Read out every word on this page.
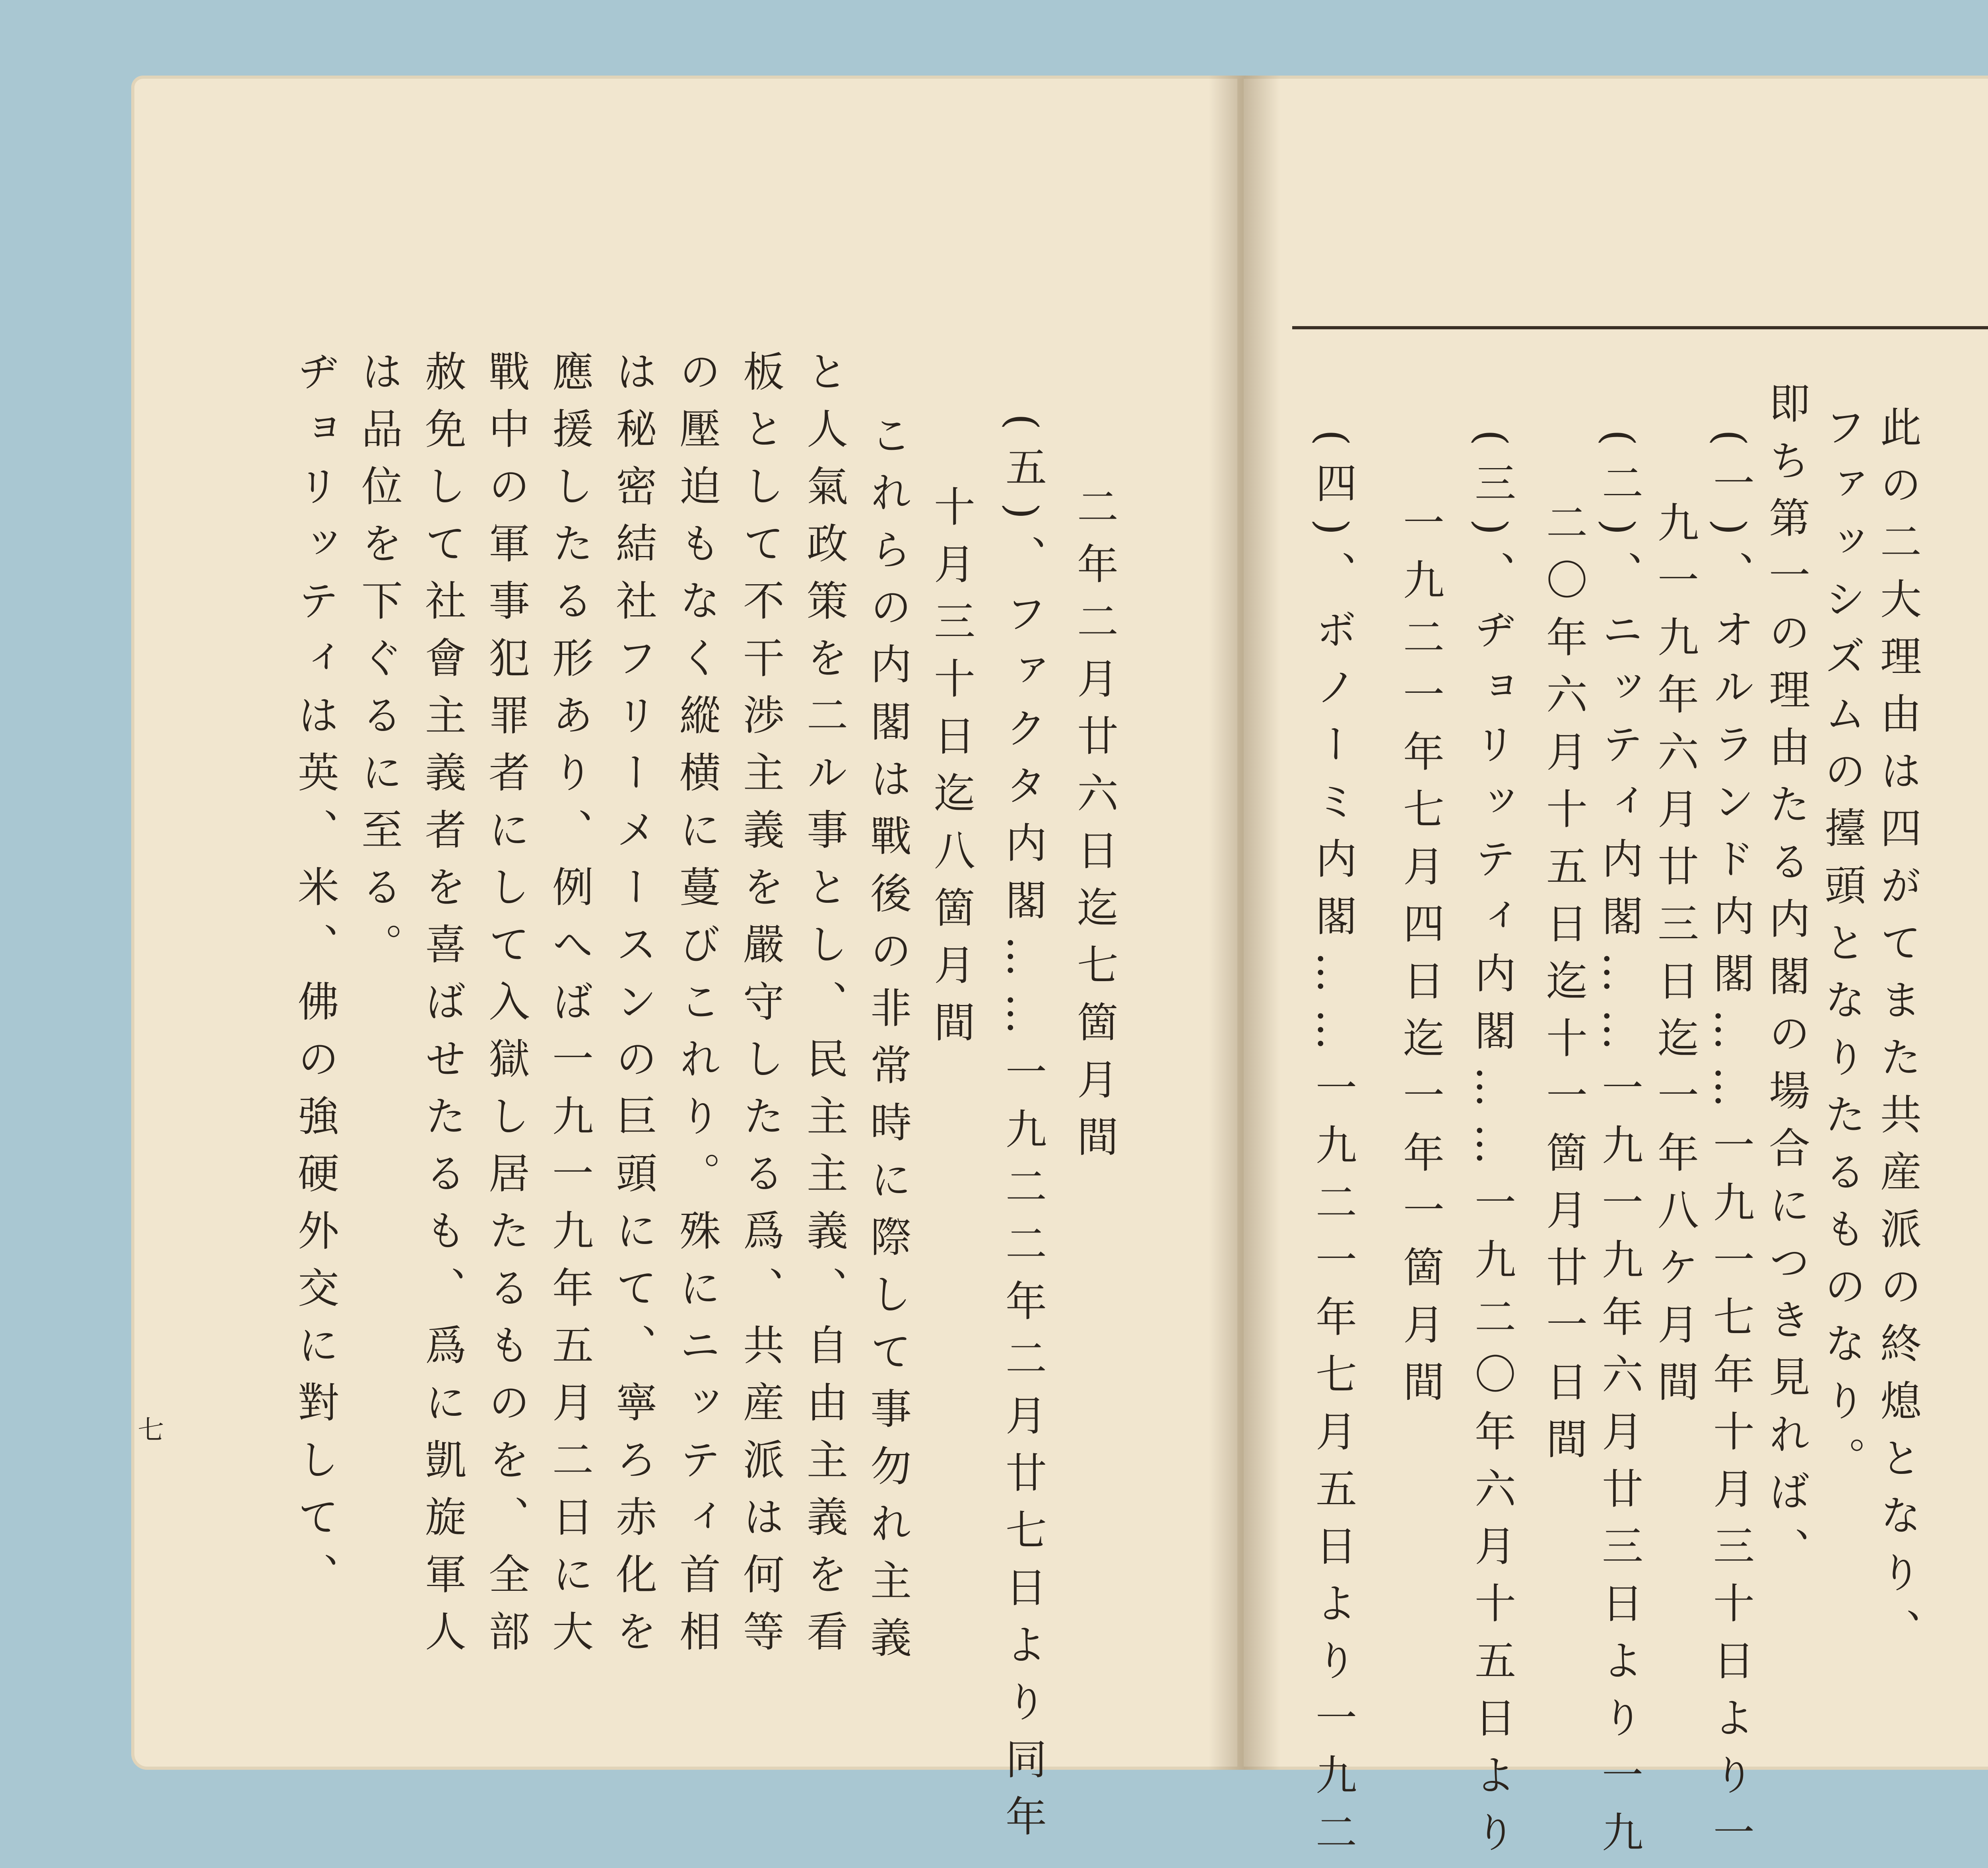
此の二大理由は四がてまた共産派の終熄となり、
ファッシズムの擡頭となりたるものなり。
即ち第一の理由たる内閣の場合につき見れば、
(一)、オルランド内閣……一九一七年十月三十日より一
九一九年六月廿三日迄一年八ケ月間
(二)、ニッティ内閣……一九一九年六月廿三日より一九
二〇年六月十五日迄十一箇月廿一日間
(三)、ヂョリッティ内閣……一九二〇年六月十五日より
一九二一年七月四日迄一年一箇月間
(四)、ボノーミ内閣……一九二一年七月五日より一九二
二年二月廿六日迄七箇月間
(五)、ファクタ内閣……一九二二年二月廿七日より同年
十月三十日迄八箇月間
これらの内閣は戰後の非常時に際して事勿れ主義
と人氣政策を二ル事とし、民主主義、自由主義を看
板として不干渉主義を嚴守したる爲、共産派は何等
の壓迫もなく縱横に蔓びこれり。殊にニッティ首相
は秘密結社フリーメースンの巨頭にて、寧ろ赤化を
應援したる形あり、例へば一九一九年五月二日に大
戰中の軍事犯罪者にして入獄し居たるものを、全部
赦免して社會主義者を喜ばせたるも、爲に凱旋軍人
は品位を下ぐるに至る。
ヂョリッティは英、米、佛の強硬外交に對して、
七
